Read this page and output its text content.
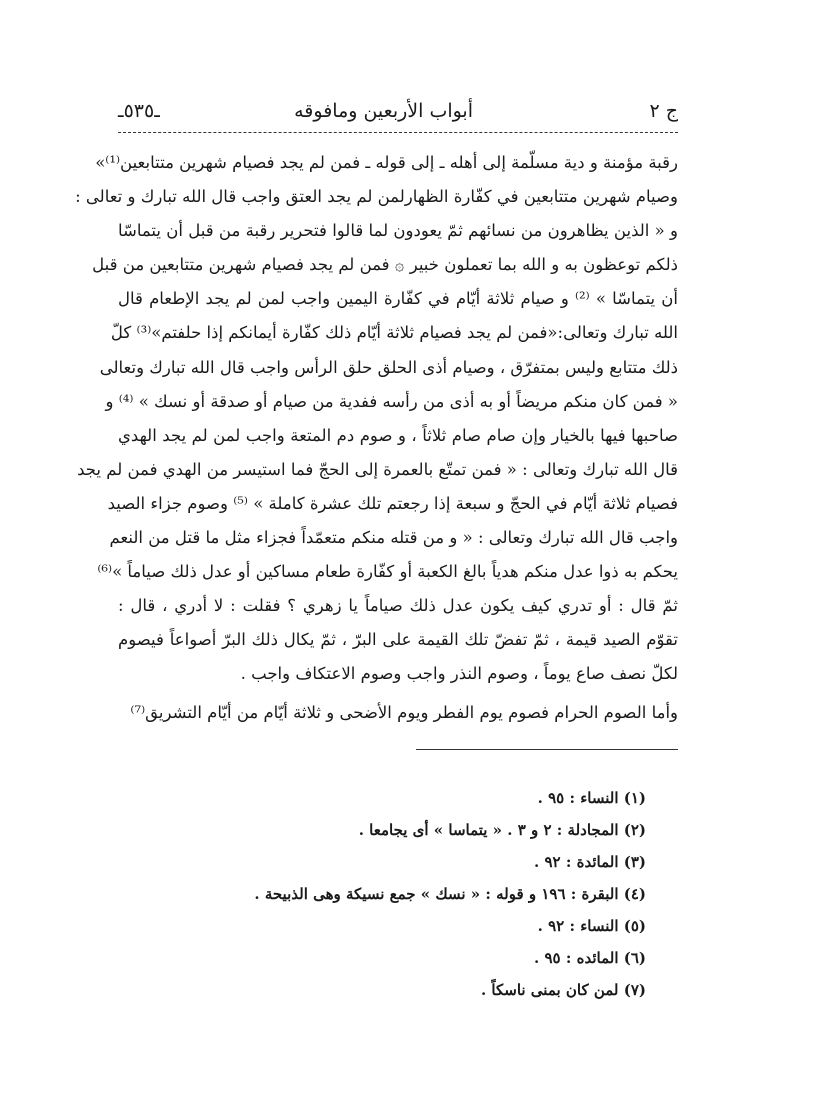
ج ٢
أبواب الأربعين ومافوقه
ـ٥٣٥ـ
رقبة مؤمنة و دية مسلّمة إلى أهله ـ إلى قوله ـ فمن لم يجد فصيام شهرين متتابعين⁽¹⁾»
وصيام شهرين متتابعين في كفّارة الظهارلمن لم يجد العتق واجب قال الله تبارك و تعالى :
و « الذين يظاهرون من نسائهم ثمّ يعودون لما قالوا فتحرير رقبة من قبل أن يتماسّا
ذلكم توعظون به و الله بما تعملون خبير ۞ فمن لم يجد فصيام شهرين متتابعين من قبل
أن يتماسّا » ⁽²⁾ و صيام ثلاثة أيّام في كفّارة اليمين واجب لمن لم يجد الإطعام قال
الله تبارك وتعالى:«فمن لم يجد فصيام ثلاثة أيّام ذلك كفّارة أيمانكم إذا حلفتم»⁽³⁾ كلّ
ذلك متتابع وليس بمتفرّق ، وصيام أذى الحلق حلق الرأس واجب قال الله تبارك وتعالى
« فمن كان منكم مريضاً أو به أذى من رأسه ففدية من صيام أو صدقة أو نسك » ⁽⁴⁾ و
صاحبها فيها بالخيار وإن صام صام ثلاثاً ، و صوم دم المتعة واجب لمن لم يجد الهدي
قال الله تبارك وتعالى : « فمن تمتّع بالعمرة إلى الحجّ فما استيسر من الهدي فمن لم يجد
فصيام ثلاثة أيّام في الحجّ و سبعة إذا رجعتم تلك عشرة كاملة » ⁽⁵⁾ وصوم جزاء الصيد
واجب قال الله تبارك وتعالى : « و من قتله منكم متعمّداً فجزاء مثل ما قتل من النعم
يحكم به ذوا عدل منكم هدياً بالغ الكعبة أو كفّارة طعام مساكين أو عدل ذلك صياماً »⁽⁶⁾
ثمّ قال : أو تدري كيف يكون عدل ذلك صياماً يا زهري ؟ فقلت : لا أدري ، قال :
تقوّم الصيد قيمة ، ثمّ تفضّ تلك القيمة على البرّ ، ثمّ يكال ذلك البرّ أصواعاً فيصوم
لكلّ نصف صاع يوماً ، وصوم النذر واجب وصوم الاعتكاف واجب .
وأما الصوم الحرام فصوم يوم الفطر ويوم الأضحى و ثلاثة أيّام من أيّام التشريق⁽⁷⁾
(١) النساء : ٩٥ .
(٢) المجادلة : ٢ و ٣ . « يتماسا » أى يجامعا .
(٣) المائدة : ٩٢ .
(٤) البقرة : ١٩٦ و قوله : « نسك » جمع نسيكة وهى الذبيحة .
(٥) النساء : ٩٢ .
(٦) المائده : ٩٥ .
(٧) لمن كان بمنى ناسكاً .
